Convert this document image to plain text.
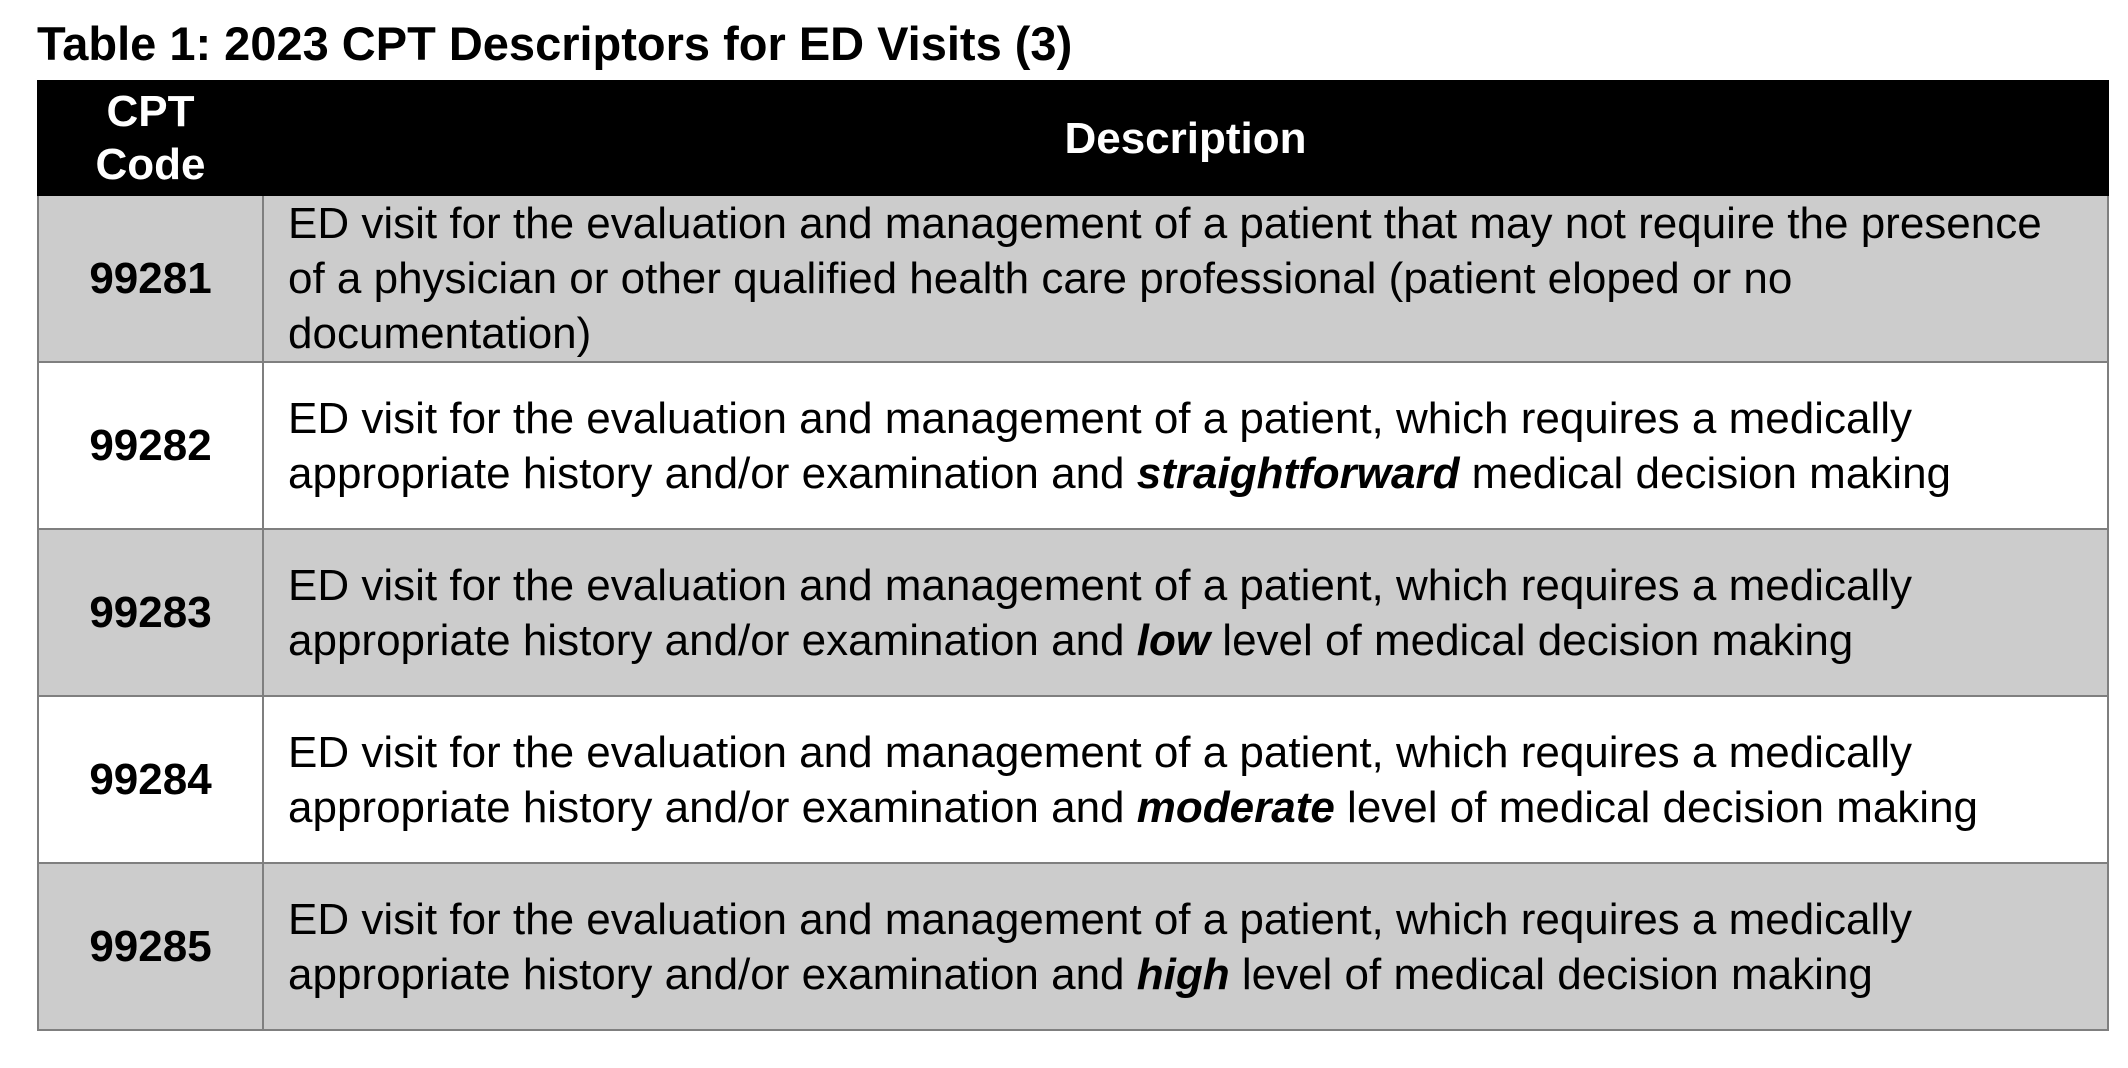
Table 1: 2023 CPT Descriptors for ED Visits (3)
CPT
Code	Description
99281	ED visit for the evaluation and management of a patient that may not require the presence of a physician or other qualified health care professional (patient eloped or no documentation)
99282	ED visit for the evaluation and management of a patient, which requires a medically appropriate history and/or examination and straightforward medical decision making
99283	ED visit for the evaluation and management of a patient, which requires a medically appropriate history and/or examination and low level of medical decision making
99284	ED visit for the evaluation and management of a patient, which requires a medically appropriate history and/or examination and moderate level of medical decision making
99285	ED visit for the evaluation and management of a patient, which requires a medically appropriate history and/or examination and high level of medical decision making
